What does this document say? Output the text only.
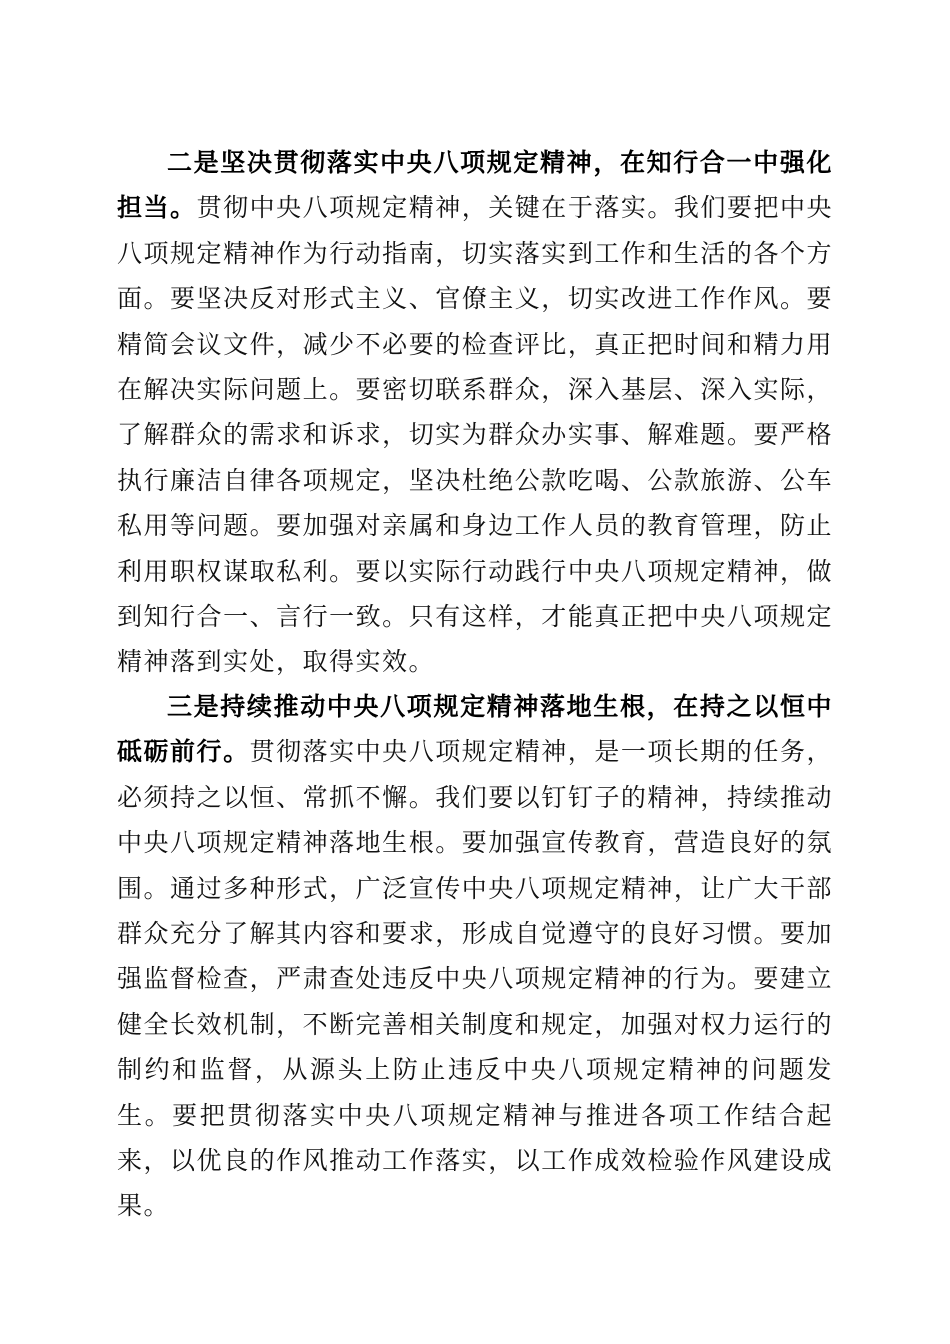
二是坚决贯彻落实中央八项规定精神，在知行合一中强化担当。贯彻中央八项规定精神，关键在于落实。我们要把中央八项规定精神作为行动指南，切实落实到工作和生活的各个方面。要坚决反对形式主义、官僚主义，切实改进工作作风。要精简会议文件，减少不必要的检查评比，真正把时间和精力用在解决实际问题上。要密切联系群众，深入基层、深入实际，了解群众的需求和诉求，切实为群众办实事、解难题。要严格执行廉洁自律各项规定，坚决杜绝公款吃喝、公款旅游、公车私用等问题。要加强对亲属和身边工作人员的教育管理，防止利用职权谋取私利。要以实际行动践行中央八项规定精神，做到知行合一、言行一致。只有这样，才能真正把中央八项规定精神落到实处，取得实效。

三是持续推动中央八项规定精神落地生根，在持之以恒中砥砺前行。贯彻落实中央八项规定精神，是一项长期的任务，必须持之以恒、常抓不懈。我们要以钉钉子的精神，持续推动中央八项规定精神落地生根。要加强宣传教育，营造良好的氛围。通过多种形式，广泛宣传中央八项规定精神，让广大干部群众充分了解其内容和要求，形成自觉遵守的良好习惯。要加强监督检查，严肃查处违反中央八项规定精神的行为。要建立健全长效机制，不断完善相关制度和规定，加强对权力运行的制约和监督，从源头上防止违反中央八项规定精神的问题发生。要把贯彻落实中央八项规定精神与推进各项工作结合起来，以优良的作风推动工作落实，以工作成效检验作风建设成果。
